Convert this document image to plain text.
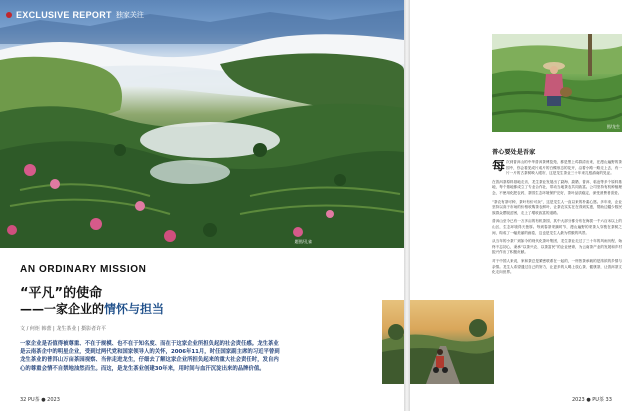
EXCLUSIVE REPORT 独家关注
题图/孔雀
AN ORDINARY MISSION
“平凡”的使命
——一家企业的情怀与担当
文 / 何炬 韩蕾 | 龙生茶业 | 摄影者许平
一家企业是否值得被尊重、不在于规模、也不在于知名度、而在于这家企业所担负起的社会责任感。龙生茶业是云南茶企中的明星企业，受到过两代党和国家领导人的关怀，2006年11月，时任国家副主席的习近平曾到龙生茶业的普洱山万亩茶园视察、当你走进龙生，仔细去了解这家企业所担负起来的重大社会责任时，发自内心的尊重会情不自禁地油然而生。而这，是龙生茶业创建30年来，用时间与血汗沉淀出来的品牌价值。
32 PU茶 ● 2023
图/龙生
普心要处是吾家

每次到普洱山的中华普洱茶博览苑，都是黑上鸡群清出来，在漫山遍野的茶园中，你会看见成片成片的白蝶形态的花开，沿着小路一路走上去，有一片一片的古茶树映入眼帘，这是龙生茶业三十年来扎根滇南的见证。

在普洱茶原料基地走访，龙生茶业发展出了勐海、勐腊、普洱、临沧等多个原料基地，每个基地都成立了专业合作社，带动当地茶农共同致富。公司坚持有机种植理念，不使用化肥农药，茶园生态环境保护完好，茶叶品质稳定，深受消费者喜爱。

“茶农有茶可种，茶叶有价可卖”，这是龙生人一直以来的朴素心愿。多年来，企业坚持以高于市场的价格收购茶农鲜叶，让茶农实实在在得到实惠，帮助边疆少数民族群众摆脱贫困，走上了增收致富的道路。

普洱山至今已有一万多亩的有机茶园，其中大部分都分布在海拔一千六百米以上的山区，生态环境得天独厚。每到春茶采摘时节，漫山遍野的采茶人穿梭在茶树之间，构成了一幅美丽的画卷，这也是龙生人最为骄傲的风景。

从当年的小茶厂到如今的现代化茶叶集团，龙生茶业走过了三十年的风雨历程，始终不忘初心，秉承“以茶兴农、以茶富民”的企业使命，为云南茶产业的发展和乡村振兴作出了积极贡献。

对于中国人来说，家和茶总是紧密联系在一起的，一杯热茶承载的是浓浓的乡情与亲情。龙生人希望通过自己的努力，让更多的人喝上放心茶、健康茶，让普洱茶文化走向世界。

2023 ● PU茶 33
